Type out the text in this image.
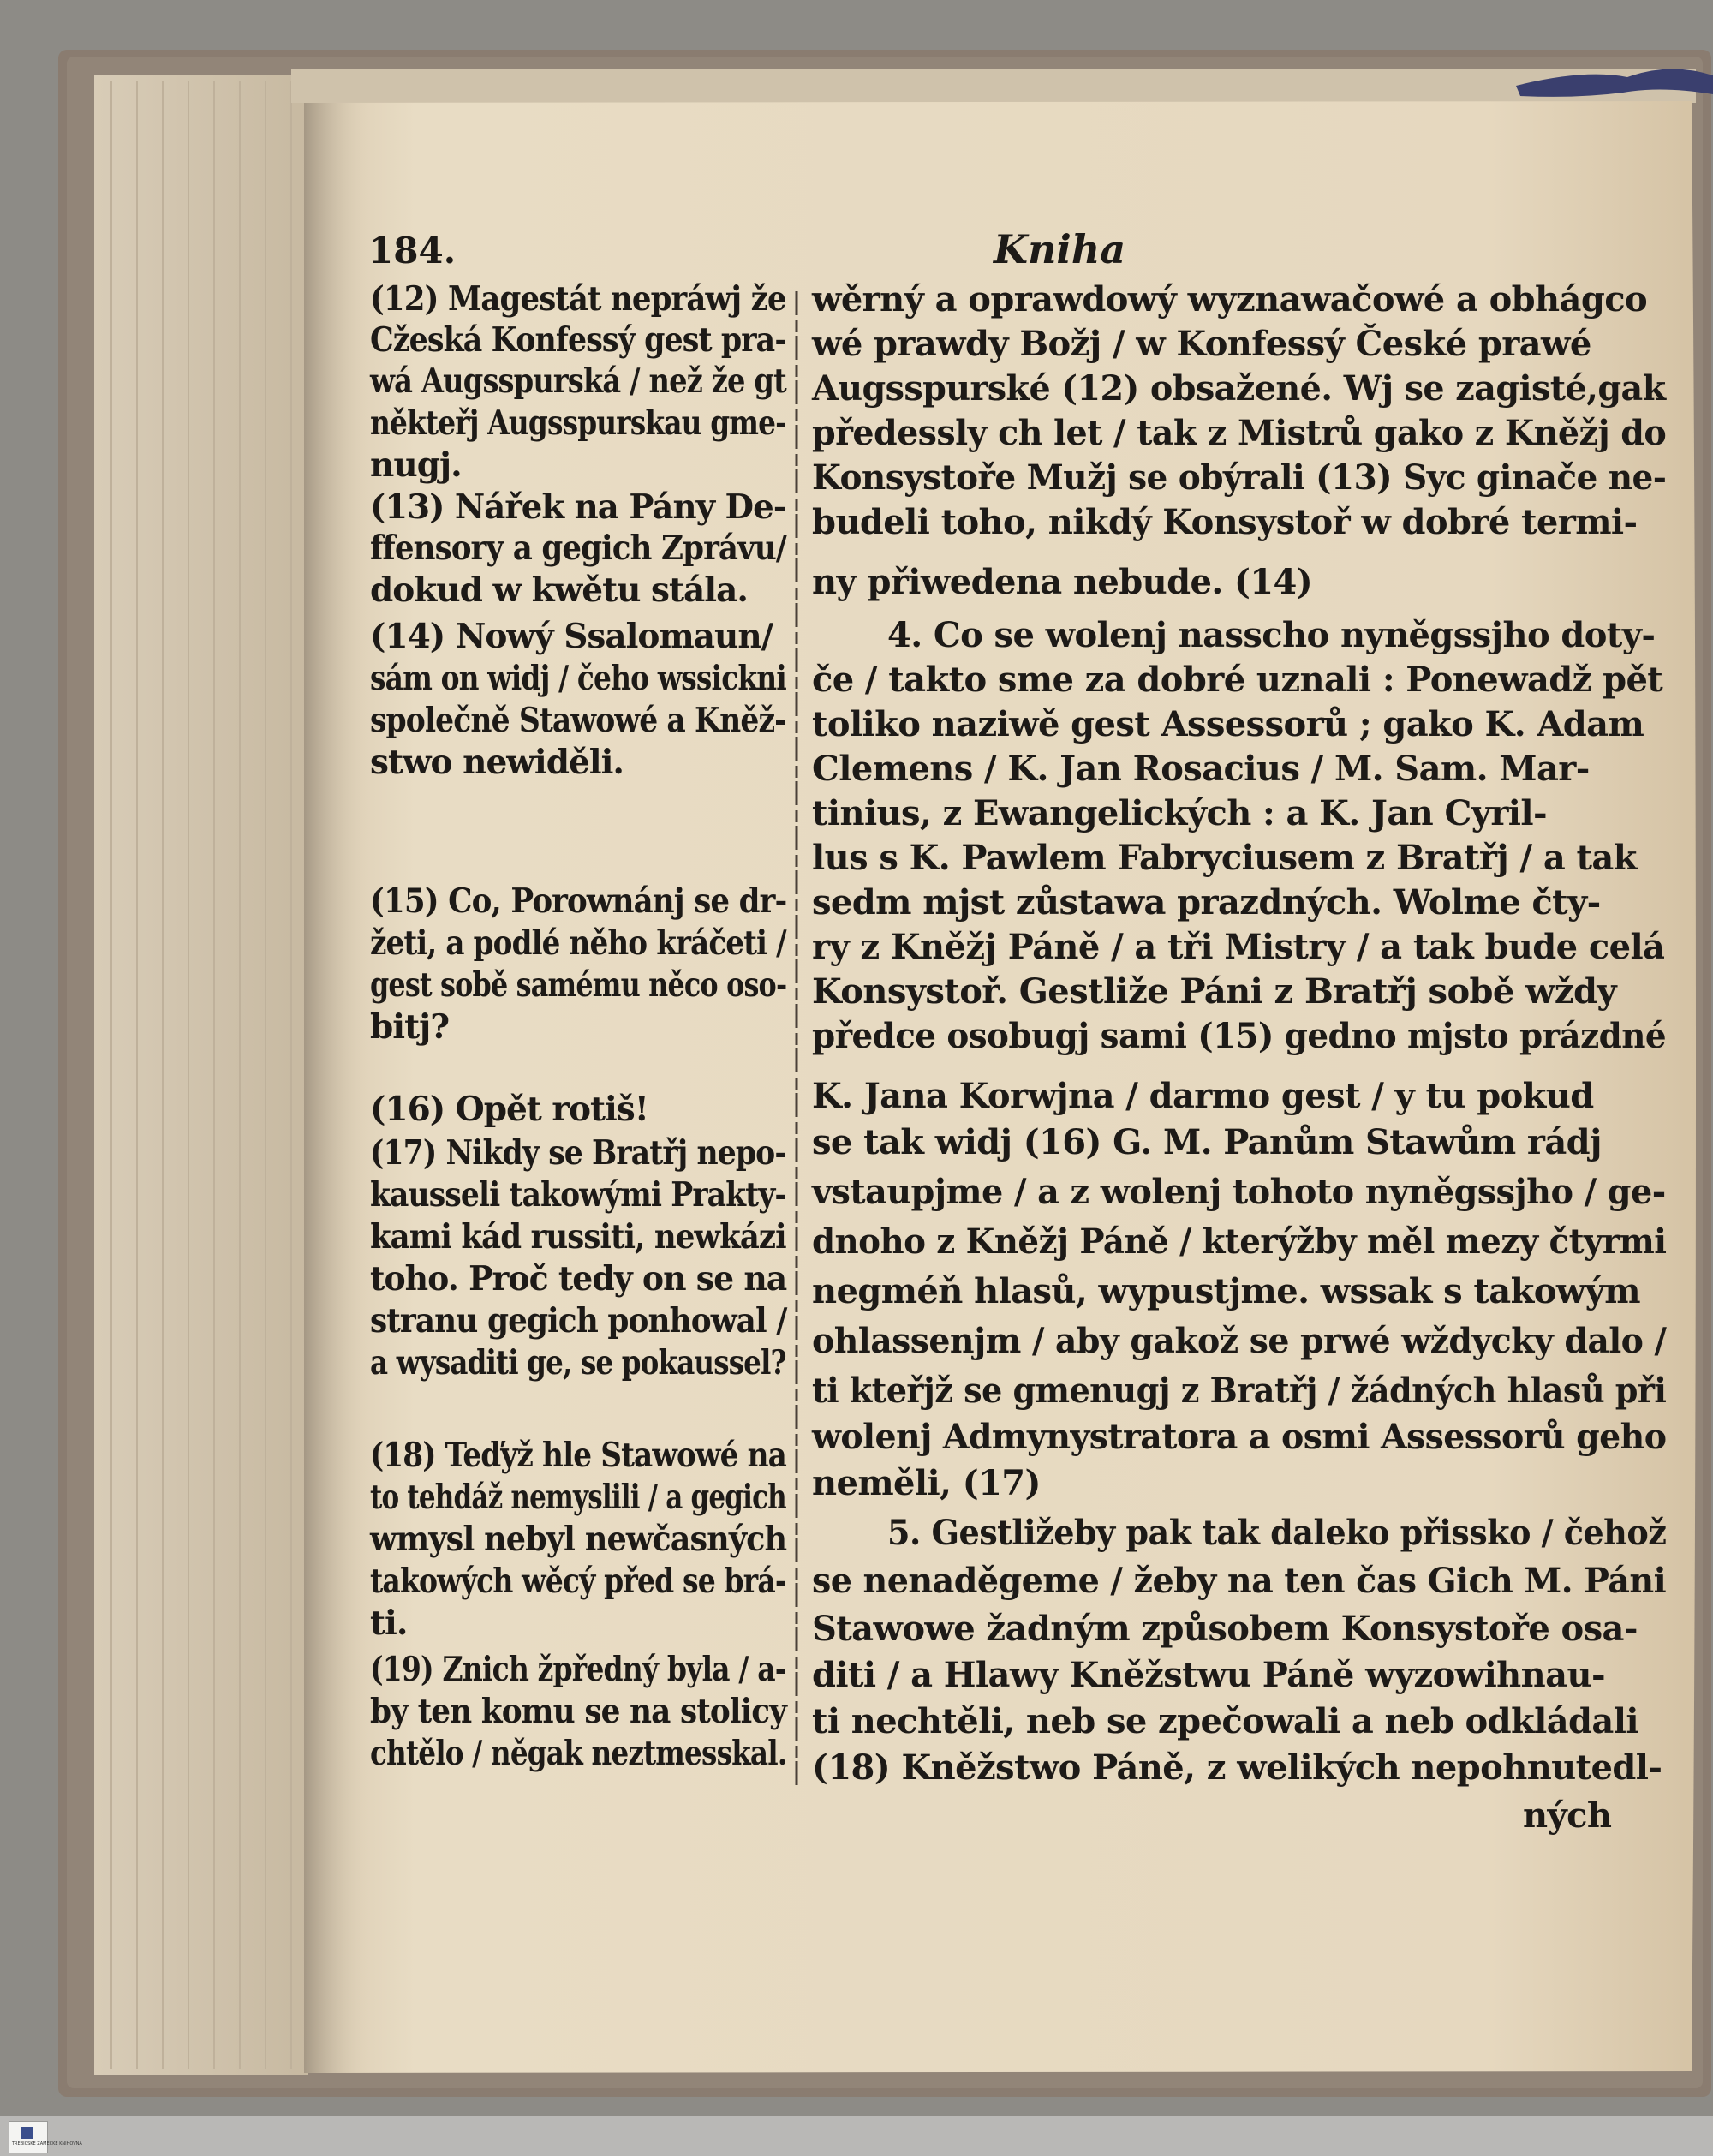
TŘEBÍČSKÉ ZÁMECKÉ KNIHOVNA
184.	Kniha
(12) Magestát nepráwj že
Cžeská Konfessý gest pra-
wá Augsspurská / než že gt
někteřj Augsspurskau gme-
nugj.
(13) Nářek na Pány De-
ffensory a gegich Zprávu/
dokud w kwětu stála.
(14) Nowý Ssalomaun/
sám on widj / čeho wssickni
společně Stawowé a Kněž-
stwo newiděli.
(15) Co, Porownánj se dr-
žeti, a podlé něho kráčeti /
gest sobě samému něco oso-
bitj?
(16) Opět rotiš!
(17) Nikdy se Bratřj nepo-
kausseli takowými Prakty-
kami kád russiti, newkázi
toho. Proč tedy on se na
stranu gegich ponhowal /
a wysaditi ge, se pokaussel?
(18) Teďyž hle Stawowé na
to tehdáž nemyslili / a gegich
wmysl nebyl newčasných
takowých wěcý před se brá-
ti.
(19) Znich žpředný byla / a-
by ten komu se na stolicy
chtělo / něgak neztmesskal.
wěrný a oprawdowý wyznawačowé a obhágco
wé prawdy Božj / w Konfessý České prawé
Augsspurské (12) obsažené. Wj se zagisté,gak
předessly ch let / tak z Mistrů gako z Kněžj do
Konsystoře Mužj se obýrali (13) Syc ginače ne-
budeli toho, nikdý Konsystoř w dobré termi-
ny přiwedena nebude. (14)
4. Co se wolenj nasscho nyněgssjho doty-
če / takto sme za dobré uznali : Ponewadž pět
toliko naziwě gest Assessorů ; gako K. Adam
Clemens / K. Jan Rosacius / M. Sam. Mar-
tinius, z Ewangelických : a K. Jan Cyril-
lus s K. Pawlem Fabryciusem z Bratřj / a tak
sedm mjst zůstawa prazdných. Wolme čty-
ry z Kněžj Páně / a tři Mistry / a tak bude celá
Konsystoř. Gestliže Páni z Bratřj sobě wždy
předce osobugj sami (15) gedno mjsto prázdné
K. Jana Korwjna / darmo gest / y tu pokud
se tak widj (16) G. M. Panům Stawům rádj
vstaupjme / a z wolenj tohoto nyněgssjho / ge-
dnoho z Kněžj Páně / kterýžby měl mezy čtyrmi
negméň hlasů, wypustjme. wssak s takowým
ohlassenjm / aby gakož se prwé wždycky dalo /
ti kteřjž se gmenugj z Bratřj / žádných hlasů při
wolenj Admynystratora a osmi Assessorů geho
neměli, (17)
5. Gestližeby pak tak daleko přissko / čehož
se nenaděgeme / žeby na ten čas Gich M. Páni
Stawowe žadným způsobem Konsystoře osa-
diti / a Hlawy Kněžstwu Páně wyzowihnau-
ti nechtěli, neb se zpečowali a neb odkládali
(18) Kněžstwo Páně, z welikých nepohnutedl-
ných
